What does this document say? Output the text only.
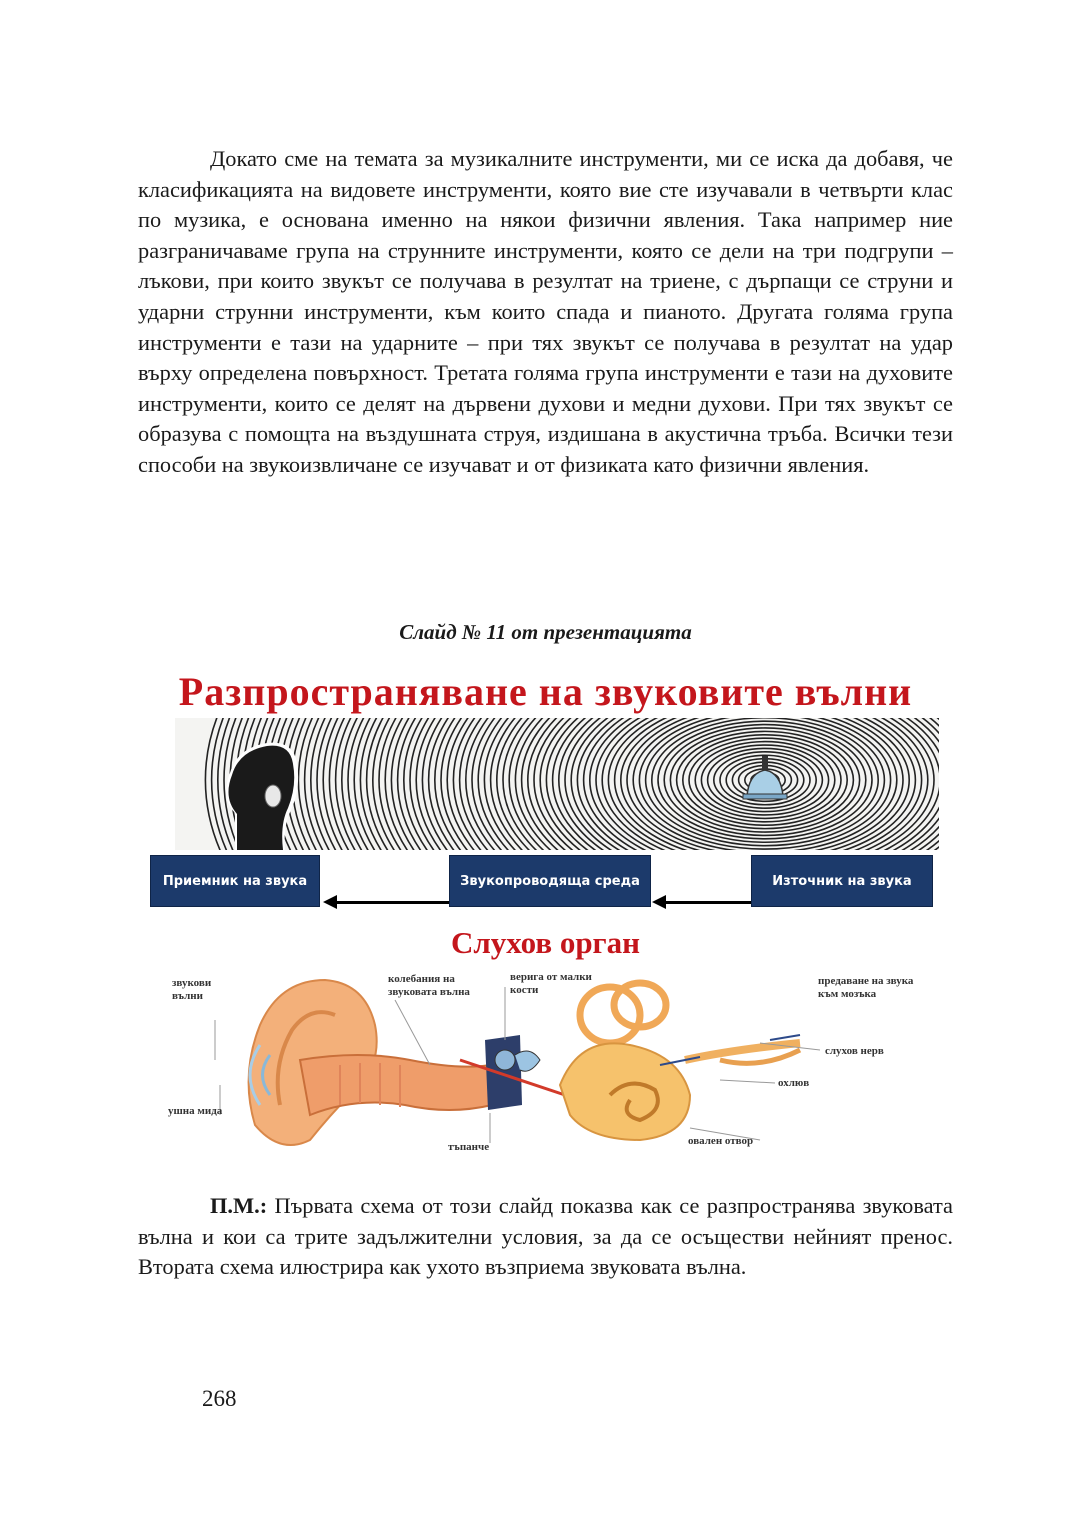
Докато сме на темата за музикалните инструменти, ми се иска да добавя, че класификацията на видовете инструменти, която вие сте изучавали в четвърти клас по музика, е основана именно на някои физични явления. Така например ние разграничаваме група на струнните инструменти, която се дели на три подгрупи – лъкови, при които звукът се получава в резултат на триене, с дърпащи се струни и ударни струнни инструменти, към които спада и пианото. Другата голяма група инструменти е тази на ударните – при тях звукът се получава в резултат на удар върху определена повърхност. Третата голяма група инструменти е тази на духовите инструменти, които се делят на дървени духови и медни духови. При тях звукът се образува с помощта на въздушната струя, издишана в акустична тръба. Всички тези способи на звукоизвличане се изучават и от физиката като физични явления.

Слайд № 11 от презентацията

Разпространяване на звуковите вълни
Приемник на звука	Звукопроводяща среда	Източник на звука
Слухов орган
звукови вълни
колебания на звуковата вълна
верига от малки кости
предаване на звука към мозъка
слухов нерв
охлюв
овален отвор
тъпанче
ушна мида

П.М.: Първата схема от този слайд показва как се разпространява звуковата вълна и кои са трите задължителни условия, за да се осъществи нейният пренос. Втората схема илюстрира как ухото възприема звуковата вълна.

268
